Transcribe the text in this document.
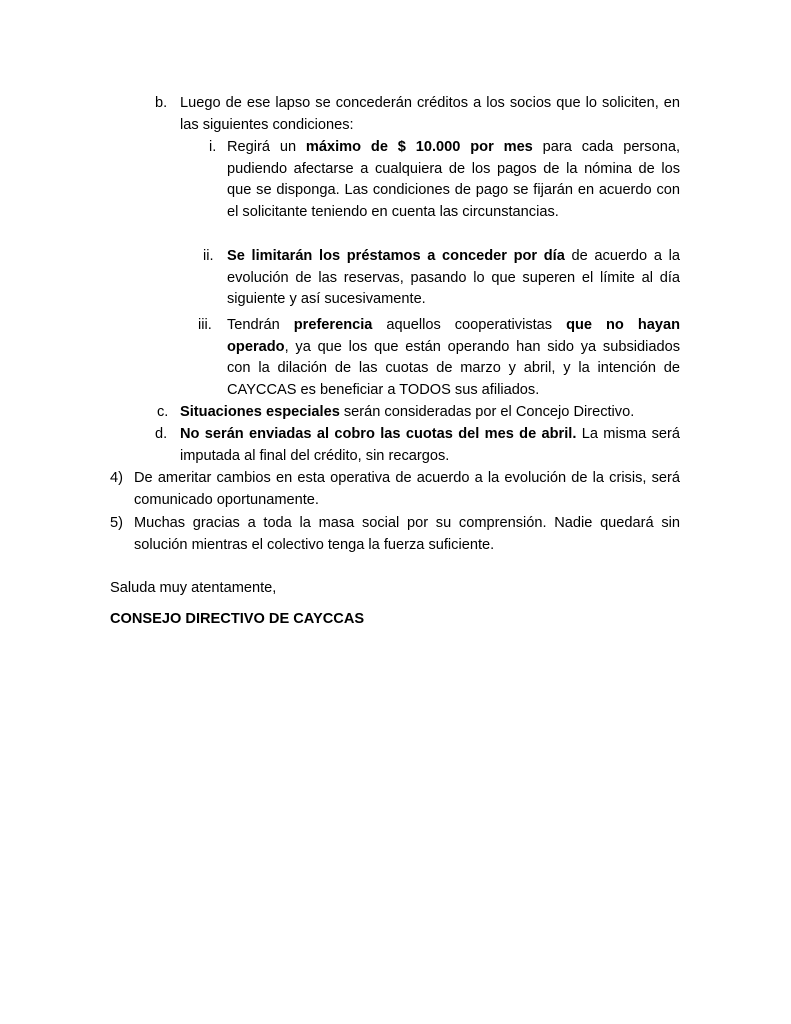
b. Luego de ese lapso se concederán créditos a los socios que lo soliciten, en las siguientes condiciones:
i. Regirá un máximo de $ 10.000 por mes para cada persona, pudiendo afectarse a cualquiera de los pagos de la nómina de los que se disponga. Las condiciones de pago se fijarán en acuerdo con el solicitante teniendo en cuenta las circunstancias.
ii. Se limitarán los préstamos a conceder por día de acuerdo a la evolución de las reservas, pasando lo que superen el límite al día siguiente y así sucesivamente.
iii. Tendrán preferencia aquellos cooperativistas que no hayan operado, ya que los que están operando han sido ya subsidiados con la dilación de las cuotas de marzo y abril, y la intención de CAYCCAS es beneficiar a TODOS sus afiliados.
c. Situaciones especiales serán consideradas por el Concejo Directivo.
d. No serán enviadas al cobro las cuotas del mes de abril. La misma será imputada al final del crédito, sin recargos.
4) De ameritar cambios en esta operativa de acuerdo a la evolución de la crisis, será comunicado oportunamente.
5) Muchas gracias a toda la masa social por su comprensión. Nadie quedará sin solución mientras el colectivo tenga la fuerza suficiente.
Saluda muy atentamente,
CONSEJO DIRECTIVO DE CAYCCAS
